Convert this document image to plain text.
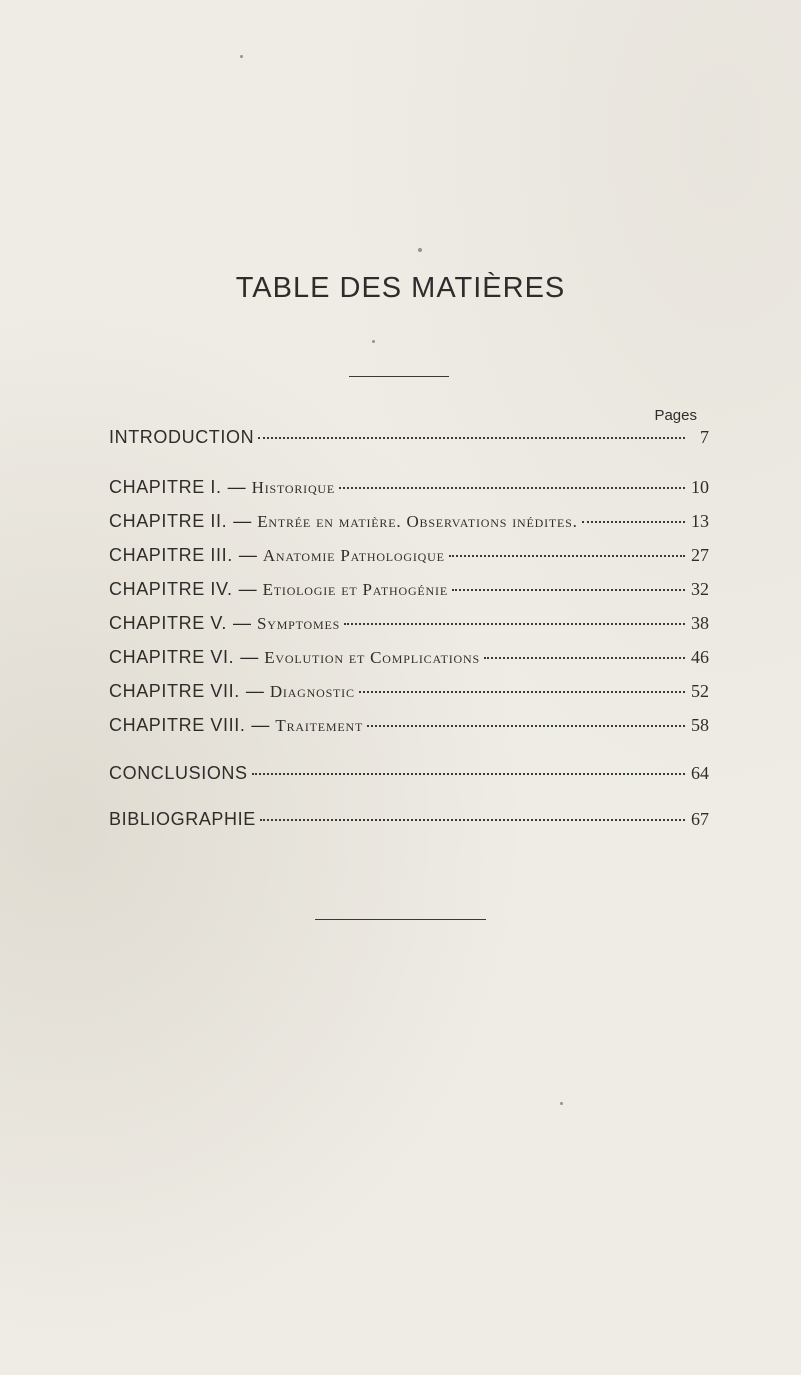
TABLE DES MATIÈRES
Pages
INTRODUCTION	7
CHAPITRE I. — Historique	10
CHAPITRE II. — Entrée en matière. Observations inédites.	13
CHAPITRE III. — Anatomie Pathologique	27
CHAPITRE IV. — Etiologie et Pathogénie	32
CHAPITRE V. — Symptomes	38
CHAPITRE VI. — Evolution et Complications	46
CHAPITRE VII. — Diagnostic	52
CHAPITRE VIII. — Traitement	58
CONCLUSIONS	64
BIBLIOGRAPHIE	67
